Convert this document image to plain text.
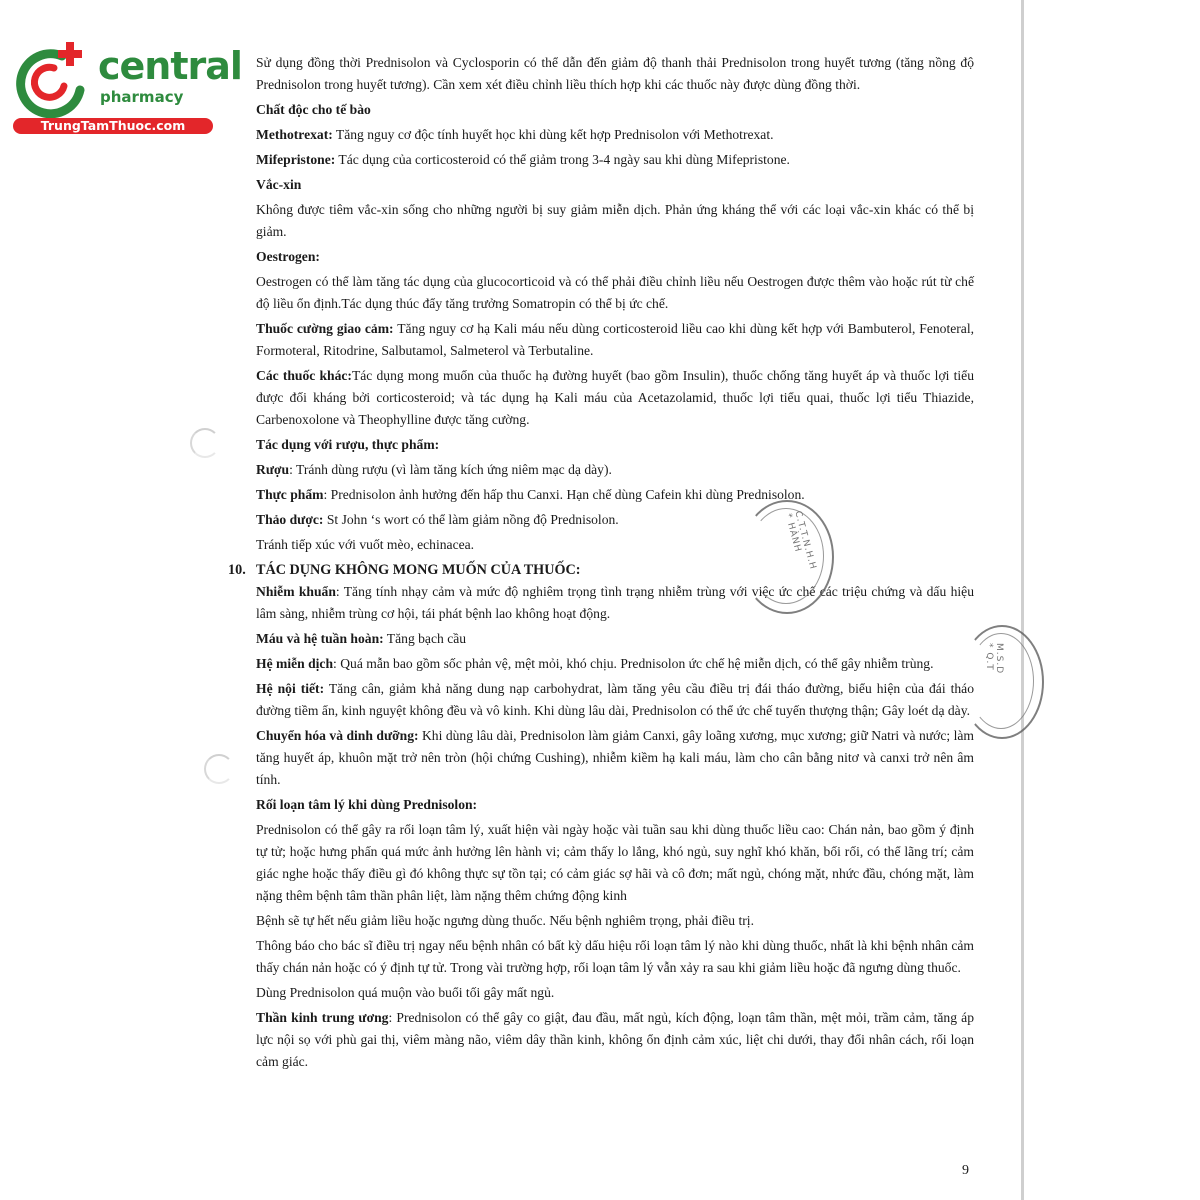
central
pharmacy
TrungTamThuoc.com

Sử dụng đồng thời Prednisolon và Cyclosporin có thể dẫn đến giảm độ thanh thải Prednisolon trong huyết tương (tăng nồng độ Prednisolon trong huyết tương). Cần xem xét điều chỉnh liều thích hợp khi các thuốc này được dùng đồng thời.

Chất độc cho tế bào

Methotrexat: Tăng nguy cơ độc tính huyết học khi dùng kết hợp Prednisolon với Methotrexat.

Mifepristone: Tác dụng của corticosteroid có thể giảm trong 3-4 ngày sau khi dùng Mifepristone.

Vắc-xin

Không được tiêm vắc-xin sống cho những người bị suy giảm miễn dịch. Phản ứng kháng thể với các loại vắc-xin khác có thể bị giảm.

Oestrogen:

Oestrogen có thể làm tăng tác dụng của glucocorticoid và có thể phải điều chỉnh liều nếu Oestrogen được thêm vào hoặc rút từ chế độ liều ổn định.Tác dụng thúc đẩy tăng trưởng Somatropin có thể bị ức chế.

Thuốc cường giao cảm: Tăng nguy cơ hạ Kali máu nếu dùng corticosteroid liều cao khi dùng kết hợp với Bambuterol, Fenoteral, Formoteral, Ritodrine, Salbutamol, Salmeterol và Terbutaline.

Các thuốc khác:Tác dụng mong muốn của thuốc hạ đường huyết (bao gồm Insulin), thuốc chống tăng huyết áp và thuốc lợi tiểu được đối kháng bởi corticosteroid; và tác dụng hạ Kali máu của Acetazolamid, thuốc lợi tiểu quai, thuốc lợi tiểu Thiazide, Carbenoxolone và Theophylline được tăng cường.

Tác dụng với rượu, thực phẩm:

Rượu: Tránh dùng rượu (vì làm tăng kích ứng niêm mạc dạ dày).

Thực phẩm: Prednisolon ảnh hưởng đến hấp thu Canxi. Hạn chế dùng Cafein khi dùng Prednisolon.

Thảo dược: St John ‘s wort có thể làm giảm nồng độ Prednisolon.

Tránh tiếp xúc với vuốt mèo, echinacea.

10. TÁC DỤNG KHÔNG MONG MUỐN CỦA THUỐC:

Nhiễm khuẩn: Tăng tính nhạy cảm và mức độ nghiêm trọng tình trạng nhiễm trùng với việc ức chế các triệu chứng và dấu hiệu lâm sàng, nhiễm trùng cơ hội, tái phát bệnh lao không hoạt động.

Máu và hệ tuần hoàn: Tăng bạch cầu

Hệ miễn dịch: Quá mẫn bao gồm sốc phản vệ, mệt mỏi, khó chịu. Prednisolon ức chế hệ miễn dịch, có thể gây nhiễm trùng.

Hệ nội tiết: Tăng cân, giảm khả năng dung nạp carbohydrat, làm tăng yêu cầu điều trị đái tháo đường, biểu hiện của đái tháo đường tiềm ẩn, kinh nguyệt không đều và vô kinh. Khi dùng lâu dài, Prednisolon có thể ức chế tuyến thượng thận; Gây loét dạ dày.

Chuyển hóa và dinh dưỡng: Khi dùng lâu dài, Prednisolon làm giảm Canxi, gây loãng xương, mục xương; giữ Natri và nước; làm tăng huyết áp, khuôn mặt trở nên tròn (hội chứng Cushing), nhiễm kiềm hạ kali máu, làm cho cân bằng nitơ và canxi trở nên âm tính.

Rối loạn tâm lý khi dùng Prednisolon:

Prednisolon có thể gây ra rối loạn tâm lý, xuất hiện vài ngày hoặc vài tuần sau khi dùng thuốc liều cao: Chán nản, bao gồm ý định tự tử; hoặc hưng phấn quá mức ảnh hưởng lên hành vi; cảm thấy lo lắng, khó ngủ, suy nghĩ khó khăn, bối rối, có thể lãng trí; cảm giác nghe hoặc thấy điều gì đó không thực sự tồn tại; có cảm giác sợ hãi và cô đơn; mất ngủ, chóng mặt, nhức đầu, chóng mặt, làm nặng thêm bệnh tâm thần phân liệt, làm nặng thêm chứng động kinh

Bệnh sẽ tự hết nếu giảm liều hoặc ngưng dùng thuốc. Nếu bệnh nghiêm trọng, phải điều trị.

Thông báo cho bác sĩ điều trị ngay nếu bệnh nhân có bất kỳ dấu hiệu rối loạn tâm lý nào khi dùng thuốc, nhất là khi bệnh nhân cảm thấy chán nản hoặc có ý định tự tử. Trong vài trường hợp, rối loạn tâm lý vẫn xảy ra sau khi giảm liều hoặc đã ngưng dùng thuốc.

Dùng Prednisolon quá muộn vào buổi tối gây mất ngủ.

Thần kinh trung ương: Prednisolon có thể gây co giật, đau đầu, mất ngủ, kích động, loạn tâm thần, mệt mỏi, trầm cảm, tăng áp lực nội sọ với phù gai thị, viêm màng não, viêm dây thần kinh, không ổn định cảm xúc, liệt chi dưới, thay đổi nhân cách, rối loạn cảm giác.

C.T.T.N.H.H * HÀNH
M.S.D * Q.T
9
